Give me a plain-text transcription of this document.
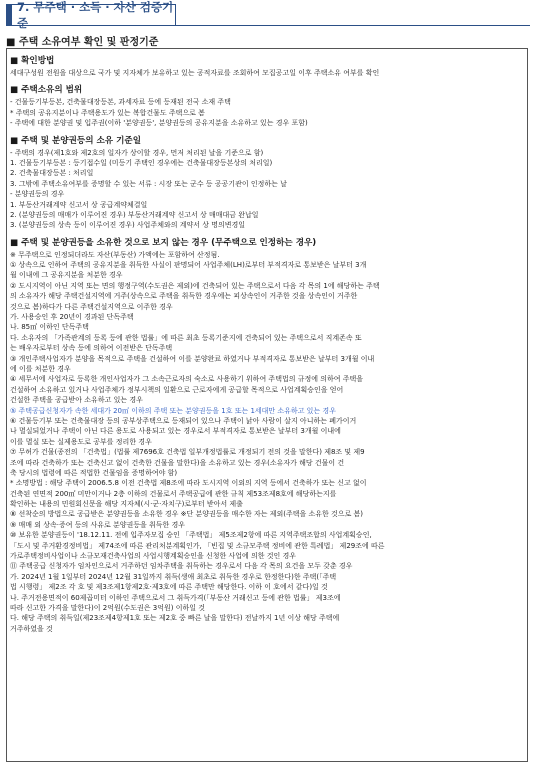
7. 무주택 · 소득 · 자산 검증기준
■ 주택 소유여부 확인 및 판정기준
■ 확인방법
세대구성원 전원을 대상으로 국가 및 지자체가 보유하고 있는 공적자료를 조회하여 모집공고일 이후 주택소유 여부를 확인
■ 주택소유의 범위
- 건물등기부등본, 건축물대장등본, 과세자료 등에 등재된 전국 소재 주택
* 주택의 공유지분이나 주택용도가 있는 복합건물도 주택으로 봄
- 주택에 대한 분양권 및 입주권(이하 '분양권등', 분양권등의 공유지분을 소유하고 있는 경우 포함)
■ 주택 및 분양권등의 소유 기준일
- 주택의 경우(제1호와 제2호의 일자가 상이할 경우, 먼저 처리된 날을 기준으로 함)
1. 건물등기부등본 : 등기접수일 (미등기 주택인 경우에는 건축물대장등본상의 처리일)
2. 건축물대장등본 : 처리일
3. 그밖에 주택소유여부를 증명할 수 있는 서류 : 시장 또는 군수 등 공공기관이 인정하는 날
- 분양권등의 경우
1. 부동산거래계약 신고서 상 공급계약체결일
2. (분양권등의 매매가 이루어진 경우) 부동산거래계약 신고서 상 매매대금 완납일
3. (분양권등의 상속 등이 이루어진 경우) 사업주체와의 계약서 상 명의변경일
■ 주택 및 분양권등을 소유한 것으로 보지 않는 경우 (무주택으로 인정하는 경우)
※ 무주택으로 인정되더라도 자산(부동산) 가액에는 포함하여 산정됨.
① 상속으로 인하여 주택의 공유지분을 취득한 사실이 판명되어 사업주체(LH)로부터 부적격자로 통보받은 날부터 3개
월 이내에 그 공유지분을 처분한 경우
② 도시지역이 아닌 지역 또는 면의 행정구역(수도권은 제외)에 건축되어 있는 주택으로서 다음 각 목의 1에 해당하는 주택
의 소유자가 해당 주택건설지역에 거주(상속으로 주택을 취득한 경우에는 피상속인이 거주한 것을 상속인이 거주한
것으로 봄)하다가 다른 주택건설지역으로 이주한 경우
가. 사용승인 후 20년이 경과된 단독주택
나. 85㎡ 이하인 단독주택
다. 소유자의 「가족관계의 등록 등에 관한 법률」에 따른 최초 등록기준지에 건축되어 있는 주택으로서 직계존속 또
는 배우자로부터 상속 등에 의하여 이전받은 단독주택
③ 개인주택사업자가 분양을 목적으로 주택을 건설하여 이를 분양완료 하였거나 부적격자로 통보받은 날부터 3개월 이내
에 이를 처분한 경우
④ 세무서에 사업자로 등록한 개인사업자가 그 소속근로자의 숙소로 사용하기 위하여 주택법의 규정에 의하여 주택을
건설하여 소유하고 있거나 사업주체가 정부시책의 일환으로 근로자에게 공급할 목적으로 사업계획승인을 얻어
건설한 주택을 공급받아 소유하고 있는 경우
⑤ 주택공급신청자가 속한 세대가 20㎡ 이하의 주택 또는 분양권등을 1호 또는 1세대만 소유하고 있는 경우
⑥ 건물등기부 또는 건축물대장 등의 공부상주택으로 등재되어 있으나 주택이 낡아 사람이 살지 아니하는 폐가이거
나 멸실되었거나 주택이 아닌 다른 용도로 사용되고 있는 경우로서 부적격자로 통보받은 날부터 3개월 이내에
이를 멸실 또는 실제용도로 공부를 정리한 경우
⑦ 무허가 건물(종전의 「건축법」(법률 제7696호 건축법 일부개정법률로 개정되기 전의 것을 말한다) 제8조 및 제9
조에 따라 건축하가 또는 건축신고 없이 건축한 건물을 말한다)을 소유하고 있는 경우(소유자가 해당 건물이 건
축 당시의 법령에 따른 적법한 건물임을 증명하여야 함)
* 소명방법 : 해당 주택이 2006.5.8 이전 건축법 제8조에 따라 도시지역 이외의 지역 등에서 건축하가 또는 신고 없이
건축된 연면적 200㎡ 미만이거나 2층 이하의 건물로서 주택공급에 관한 규칙 제53조제8호에 해당하는지를
확인하는 내용의 민원회신문을 해당 지자체(시·군·자치구)로부터 받아서 제출
⑧ 선착순의 방법으로 공급받은 분양권등을 소유한 경우 ※단 분양권등을 매수한 자는 제외(주택을 소유한 것으로 봄)
⑨ 매매 외 상속·증여 등의 사유로 분양권등을 취득한 경우
⑩ 보유한 분양권등이 '18.12.11. 전에 입주자모집 승인 「주택법」 제5조제2항에 따른 지역주택조합의 사업계획승인,
「도시 및 주거환경정비법」 제74조에 따른 관리처분계획인가, 「빈집 및 소규모주택 정비에 관한 특례법」 제29조에 따른
가로주택정비사업이나 소규모재건축사업의 사업시행계획승인을 신청한 사업에 의한 것인 경우
⑪ 주택공급 신청자가 임차인으로서 거주하던 임차주택을 취득하는 경우로서 다음 각 목의 요건을 모두 갖춘 경우
가. 2024년 1월 1일부터 2024년 12월 31일까지 취득(생애 최초로 취득한 경우로 한정한다)한 주택(「주택
법 시행령」 제2조 각 호 및 제3조제1항제2호·제3호에 따른 주택만 해당한다. 이하 이 호에서 같다)일 것
나. 주거전용면적이 60제곱미터 이하인 주택으로서 그 취득가격(「부동산 거래신고 등에 관한 법률」 제3조에
따라 신고한 가격을 말한다)이 2억원(수도권은 3억원) 이하일 것
다. 해당 주택의 취득일(제23조제4항제1호 또는 제2호 중 빠른 날을 말한다) 전날까지 1년 이상 해당 주택에
거주하였을 것
